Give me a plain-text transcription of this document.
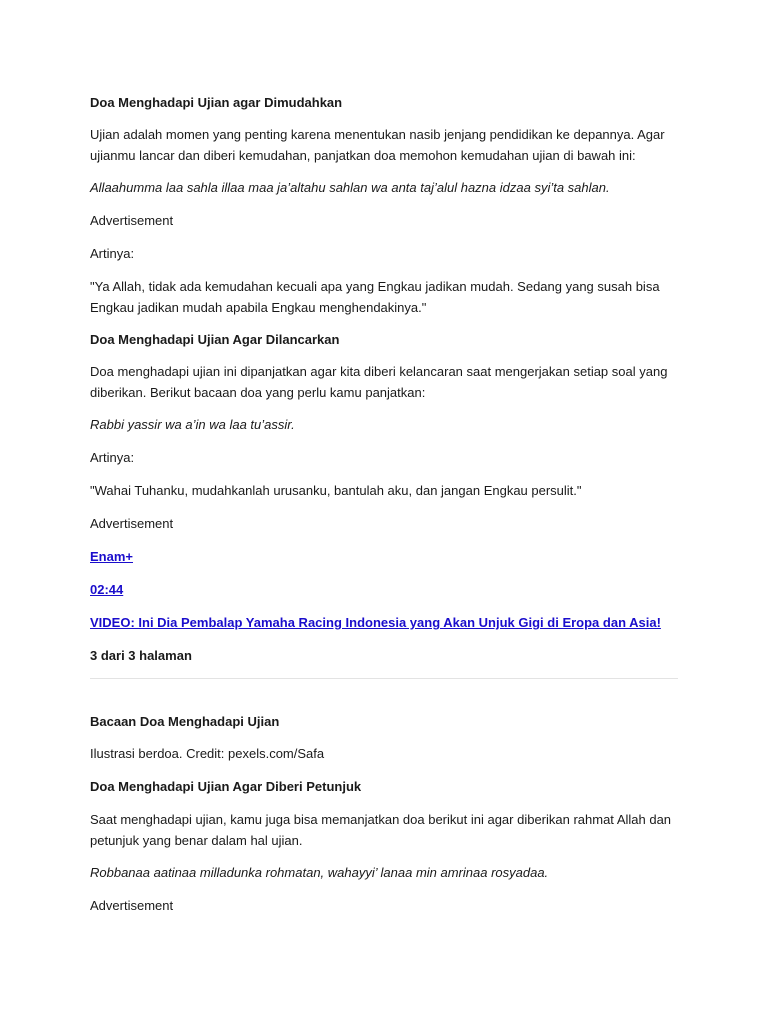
Doa Menghadapi Ujian agar Dimudahkan
Ujian adalah momen yang penting karena menentukan nasib jenjang pendidikan ke depannya. Agar ujianmu lancar dan diberi kemudahan, panjatkan doa memohon kemudahan ujian di bawah ini:
Allaahumma laa sahla illaa maa ja’altahu sahlan wa anta taj’alul hazna idzaa syi’ta sahlan.
Advertisement
Artinya:
"Ya Allah, tidak ada kemudahan kecuali apa yang Engkau jadikan mudah. Sedang yang susah bisa Engkau jadikan mudah apabila Engkau menghendakinya."
Doa Menghadapi Ujian Agar Dilancarkan
Doa menghadapi ujian ini dipanjatkan agar kita diberi kelancaran saat mengerjakan setiap soal yang diberikan. Berikut bacaan doa yang perlu kamu panjatkan:
Rabbi yassir wa a’in wa laa tu’assir.
Artinya:
"Wahai Tuhanku, mudahkanlah urusanku, bantulah aku, dan jangan Engkau persulit."
Advertisement
Enam+
02:44
VIDEO: Ini Dia Pembalap Yamaha Racing Indonesia yang Akan Unjuk Gigi di Eropa dan Asia!
3 dari 3 halaman
Bacaan Doa Menghadapi Ujian
Ilustrasi berdoa. Credit: pexels.com/Safa
Doa Menghadapi Ujian Agar Diberi Petunjuk
Saat menghadapi ujian, kamu juga bisa memanjatkan doa berikut ini agar diberikan rahmat Allah dan petunjuk yang benar dalam hal ujian.
Robbanaa aatinaa milladunka rohmatan, wahayyi’ lanaa min amrinaa rosyadaa.
Advertisement
